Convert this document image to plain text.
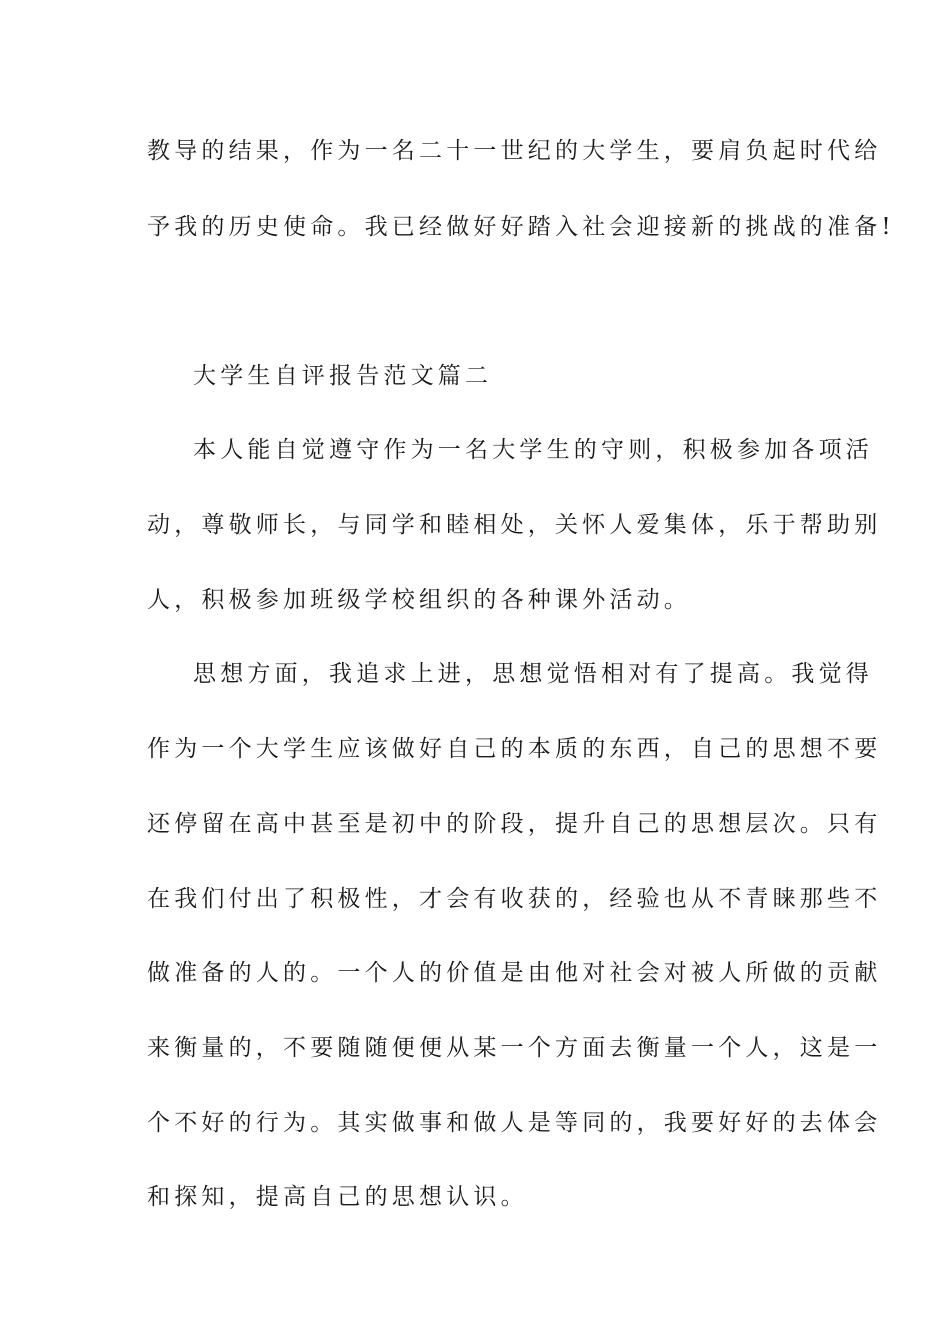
教导的结果，作为一名二十一世纪的大学生，要肩负起时代给
予我的历史使命。我已经做好好踏入社会迎接新的挑战的准备!
大学生自评报告范文篇二
本人能自觉遵守作为一名大学生的守则，积极参加各项活
动，尊敬师长，与同学和睦相处，关怀人爱集体，乐于帮助别
人，积极参加班级学校组织的各种课外活动。
思想方面，我追求上进，思想觉悟相对有了提高。我觉得
作为一个大学生应该做好自己的本质的东西，自己的思想不要
还停留在高中甚至是初中的阶段，提升自己的思想层次。只有
在我们付出了积极性，才会有收获的，经验也从不青睐那些不
做准备的人的。一个人的价值是由他对社会对被人所做的贡献
来衡量的，不要随随便便从某一个方面去衡量一个人，这是一
个不好的行为。其实做事和做人是等同的，我要好好的去体会
和探知，提高自己的思想认识。
